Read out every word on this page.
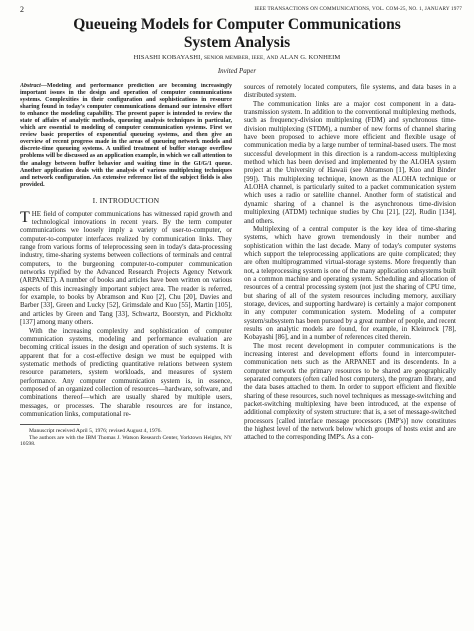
2	IEEE TRANSACTIONS ON COMMUNICATIONS, VOL. COM-25, NO. 1, JANUARY 1977
Queueing Models for Computer Communications
System Analysis
HISASHI KOBAYASHI, SENIOR MEMBER, IEEE, AND ALAN G. KONHEIM
Invited Paper

Abstract—Modeling and performance prediction are becoming increasingly important issues in the design and operation of computer communications systems. Complexities in their configuration and sophistications in resource sharing found in today's computer communications demand our intensive effort to enhance the modeling capability. The present paper is intended to review the state of affairs of analytic methods, queueing analysis techniques in particular, which are essential to modeling of computer communication systems. First we review basic properties of exponential queueing systems, and then give an overview of recent progress made in the areas of queueing network models and discrete-time queueing systems. A unified treatment of buffer storage overflow problems will be discussed as an application example, in which we call attention to the analogy between buffer behavior and waiting time in the GI/G/1 queue. Another application deals with the analysis of various multiplexing techniques and network configuration. An extensive reference list of the subject fields is also provided.

I. INTRODUCTION

THE field of computer communications has witnessed rapid growth and technological innovations in recent years. By the term computer communications we loosely imply a variety of user-to-computer, or computer-to-computer interfaces realized by communication links. They range from various forms of teleprocessing seen in today's data-processing industry, time-sharing systems between collections of terminals and central computers, to the burgeoning computer-to-computer communication networks typified by the Advanced Research Projects Agency Network (ARPANET). A number of books and articles have been written on various aspects of this increasingly important subject area. The reader is referred, for example, to books by Abramson and Kuo [2], Chu [20], Davies and Barber [33], Green and Lucky [52], Grimsdale and Kuo [55], Martin [105], and articles by Green and Tang [33], Schwartz, Boorstyn, and Pickholtz [137] among many others.

With the increasing complexity and sophistication of computer communication systems, modeling and performance evaluation are becoming critical issues in the design and operation of such systems. It is apparent that for a cost-effective design we must be equipped with systematic methods of predicting quantitative relations between system resource parameters, system workloads, and measures of system performance. Any computer communication system is, in essence, composed of an organized collection of resources—hardware, software, and combinations thereof—which are usually shared by multiple users, messages, or processes. The sharable resources are for instance, communication links, computational re-

Manuscript received April 5, 1976; revised August 4, 1976.

The authors are with the IBM Thomas J. Watson Research Center, Yorktown Heights, NY 10598.

sources of remotely located computers, file systems, and data bases in a distributed system.

The communication links are a major cost component in a data-transmission system. In addition to the conventional multiplexing methods, such as frequency-division multiplexing (FDM) and synchronous time-division multiplexing (STDM), a number of new forms of channel sharing have been proposed to achieve more efficient and flexible usage of communication media by a large number of terminal-based users. The most successful development in this direction is a random-access multiplexing method which has been devised and implemented by the ALOHA system project at the University of Hawaii (see Abramson [1], Kuo and Binder [99]). This multiplexing technique, known as the ALOHA technique or ALOHA channel, is particularly suited to a packet communication system which uses a radio or satellite channel. Another form of statistical and dynamic sharing of a channel is the asynchronous time-division multiplexing (ATDM) technique studies by Chu [21], [22], Rudin [134], and others.

Multiplexing of a central computer is the key idea of time-sharing systems, which have grown tremendously in their number and sophistication within the last decade. Many of today's computer systems which support the teleprocessing applications are quite complicated; they are often multiprogrammed virtual-storage systems. More frequently than not, a teleprocessing system is one of the many application subsystems built on a common machine and operating system. Scheduling and allocation of resources of a central processing system (not just the sharing of CPU time, but sharing of all of the system resources including memory, auxiliary storage, devices, and supporting hardware) is certainly a major component in any computer communication system. Modeling of a computer system/subsystem has been pursued by a great number of people, and recent results on analytic models are found, for example, in Kleinrock [78], Kobayashi [86], and in a number of references cited therein.

The most recent development in computer communications is the increasing interest and development efforts found in intercomputer-communication nets such as the ARPANET and its descendents. In a computer network the primary resources to be shared are geographically separated computers (often called host computers), the program library, and the data bases attached to them. In order to support efficient and flexible sharing of these resources, such novel techniques as message-switching and packet-switching multiplexing have been introduced, at the expense of additional complexity of system structure: that is, a set of message-switched processors [called interface message processors (IMP's)] now constitutes the highest level of the network below which groups of hosts exist and are attached to the corresponding IMP's. As a con-
